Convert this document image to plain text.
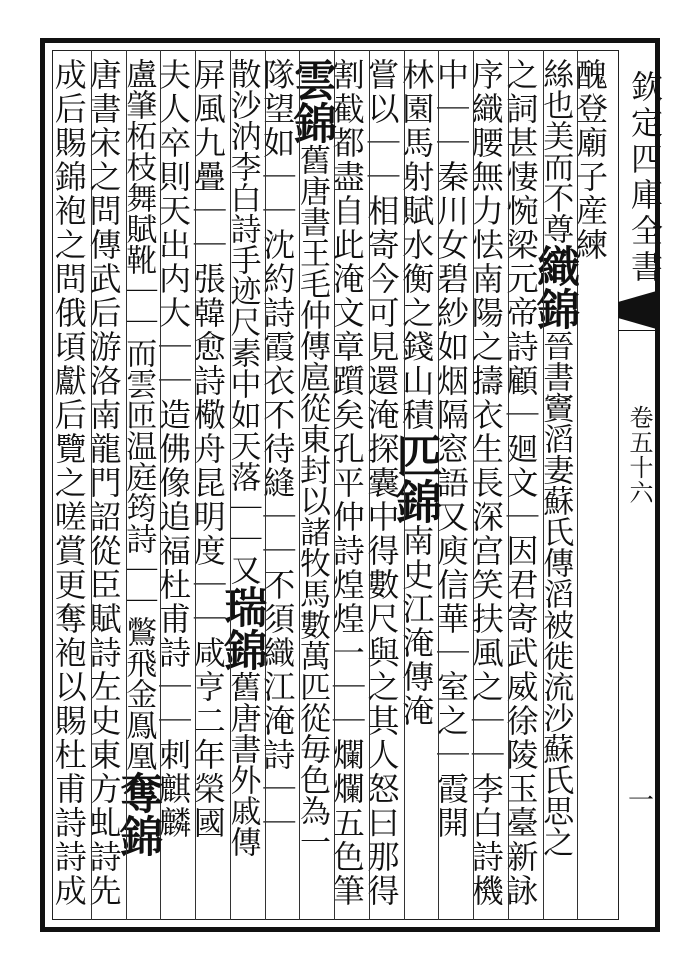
欽定四庫全書
卷五十六
一
醜登廟子産練
絲也美而不尊織錦晉書竇滔妻蘇氏傳滔被徙流沙蘇氏思之
之詞甚悽惋梁元帝詩顧｜廻文｜因君寄武威徐陵玉臺新詠
序織腰無力怯南陽之擣衣生長深宫笑扶風之｜｜李白詩機
中｜｜秦川女碧紗如烟隔窓語又庾信華｜室之｜霞開
林園馬射賦水衡之錢山積匹錦南史江淹傳淹
嘗以｜｜相寄今可見還淹探囊中得數尺與之其人怒曰那得
割截都盡自此淹文章躓矣孔平仲詩煌煌一｜｜爛爛五色筆
雲錦舊唐書王毛仲傳扈從東封以諸牧馬數萬匹從毎色為一
隊望如｜｜沈約詩霞衣不待縫｜｜不須織江淹詩｜｜
散沙汭李白詩手迹尺素中如天落｜｜又瑞錦舊唐書外戚傳
屏風九疊｜｜張韓愈詩㯳舟昆明度｜｜咸亨二年榮國
夫人卒則天出内大｜｜造佛像追福杜甫詩｜｜刺麒麟
盧肇柘枝舞賦靴｜｜而雲匝温庭筠詩｜｜鷩飛金鳯凰奪錦
唐書宋之問傳武后游洛南龍門詔從臣賦詩左史東方虬詩先
成后賜錦袍之問俄頃獻后覽之嗟賞更奪袍以賜杜甫詩詩成
